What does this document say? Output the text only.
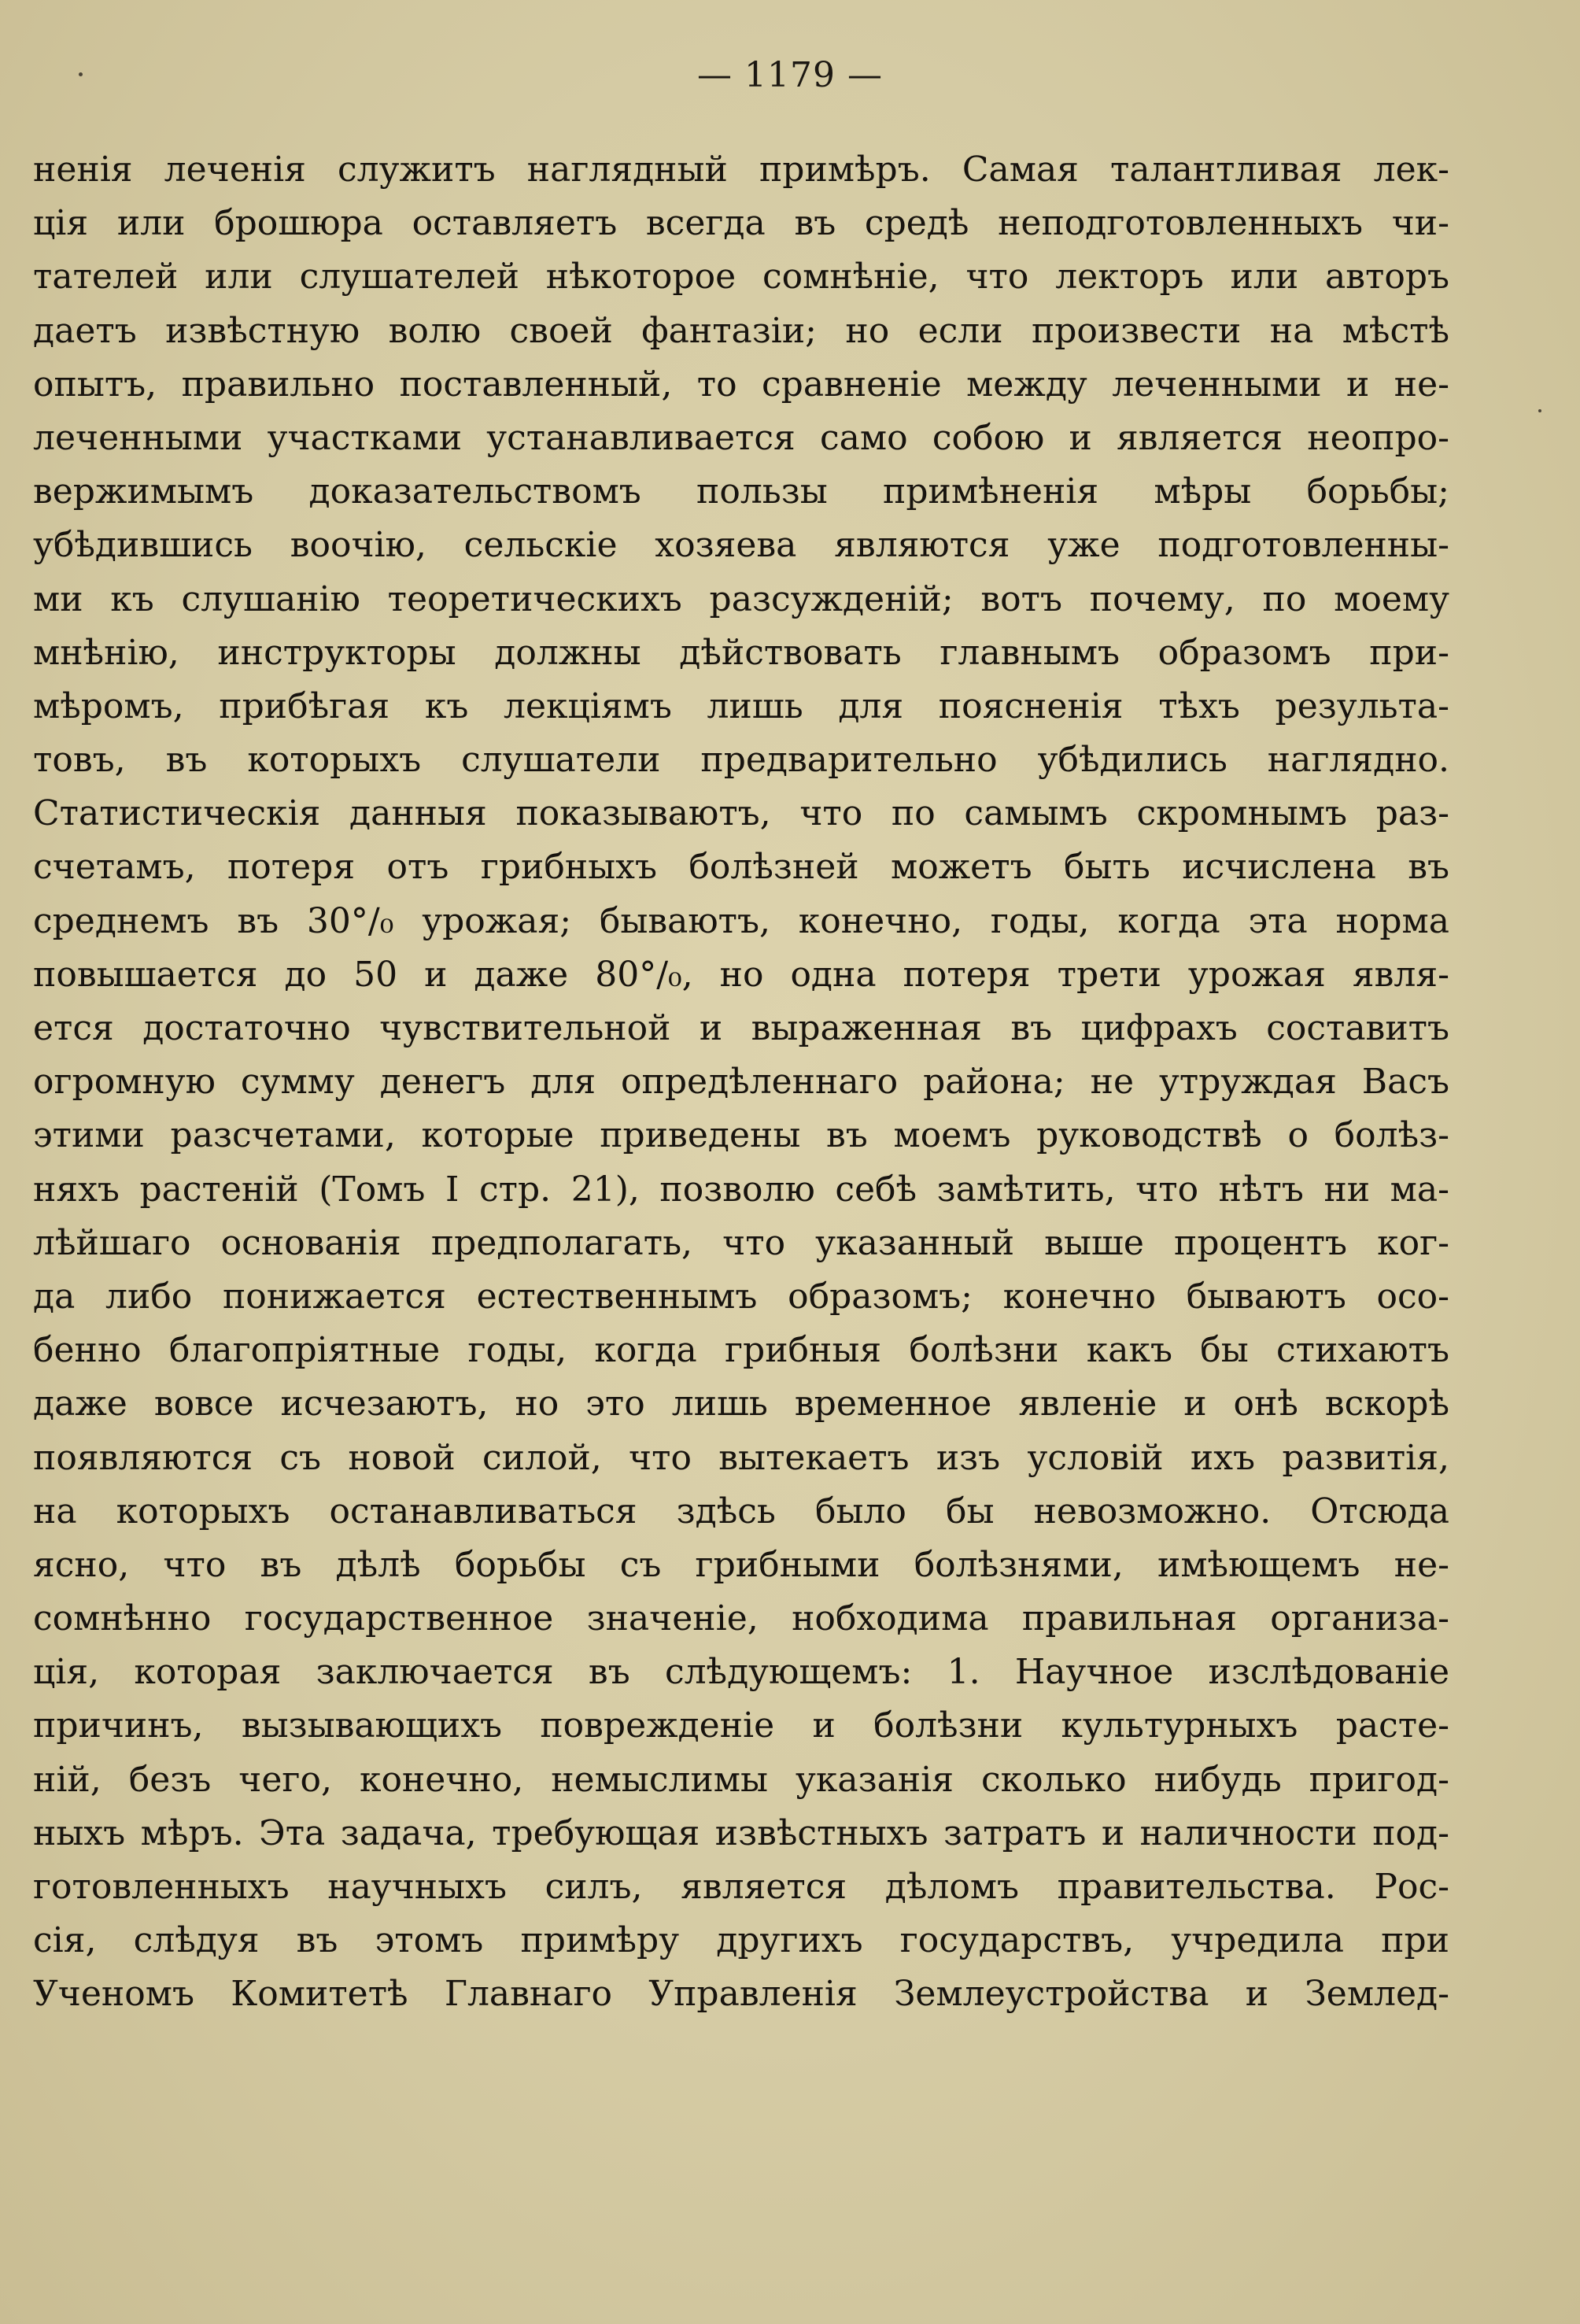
— 1179 —
ненія леченія служитъ наглядный примѣръ. Самая талантливая лек-
ція или брошюра оставляетъ всегда въ средѣ неподготовленныхъ чи-
тателей или слушателей нѣкоторое сомнѣніе, что лекторъ или авторъ
даетъ извѣстную волю своей фантазіи; но если произвести на мѣстѣ
опытъ, правильно поставленный, то сравненіе между леченными и не-
леченными участками устанавливается само собою и является неопро-
вержимымъ доказательствомъ пользы примѣненія мѣры борьбы;
убѣдившись воочію, сельскіе хозяева являются уже подготовленны-
ми къ слушанію теоретическихъ разсужденій; вотъ почему, по моему
мнѣнію, инструкторы должны дѣйствовать главнымъ образомъ при-
мѣромъ, прибѣгая къ лекціямъ лишь для поясненія тѣхъ результа-
товъ, въ которыхъ слушатели предварительно убѣдились наглядно.
Статистическія данныя показываютъ, что по самымъ скромнымъ раз-
счетамъ, потеря отъ грибныхъ болѣзней можетъ быть исчислена въ
среднемъ въ 30°/₀ урожая; бываютъ, конечно, годы, когда эта норма
повышается до 50 и даже 80°/₀, но одна потеря трети урожая явля-
ется достаточно чувствительной и выраженная въ цифрахъ составитъ
огромную сумму денегъ для опредѣленнаго района; не утруждая Васъ
этими разсчетами, которые приведены въ моемъ руководствѣ о болѣз-
няхъ растеній (Томъ I стр. 21), позволю себѣ замѣтить, что нѣтъ ни ма-
лѣйшаго основанія предполагать, что указанный выше процентъ ког-
да либо понижается естественнымъ образомъ; конечно бываютъ осо-
бенно благопріятные годы, когда грибныя болѣзни какъ бы стихаютъ
даже вовсе исчезаютъ, но это лишь временное явленіе и онѣ вскорѣ
появляются съ новой силой, что вытекаетъ изъ условій ихъ развитія,
на которыхъ останавливаться здѣсь было бы невозможно. Отсюда
ясно, что въ дѣлѣ борьбы съ грибными болѣзнями, имѣющемъ не-
сомнѣнно государственное значеніе, нобходима правильная организа-
ція, которая заключается въ слѣдующемъ: 1. Научное изслѣдованіе
причинъ, вызывающихъ поврежденіе и болѣзни культурныхъ расте-
ній, безъ чего, конечно, немыслимы указанія сколько нибудь пригод-
ныхъ мѣръ. Эта задача, требующая извѣстныхъ затратъ и наличности под-
готовленныхъ научныхъ силъ, является дѣломъ правительства. Рос-
сія, слѣдуя въ этомъ примѣру другихъ государствъ, учредила при
Ученомъ Комитетѣ Главнаго Управленія Землеустройства и Землед-
